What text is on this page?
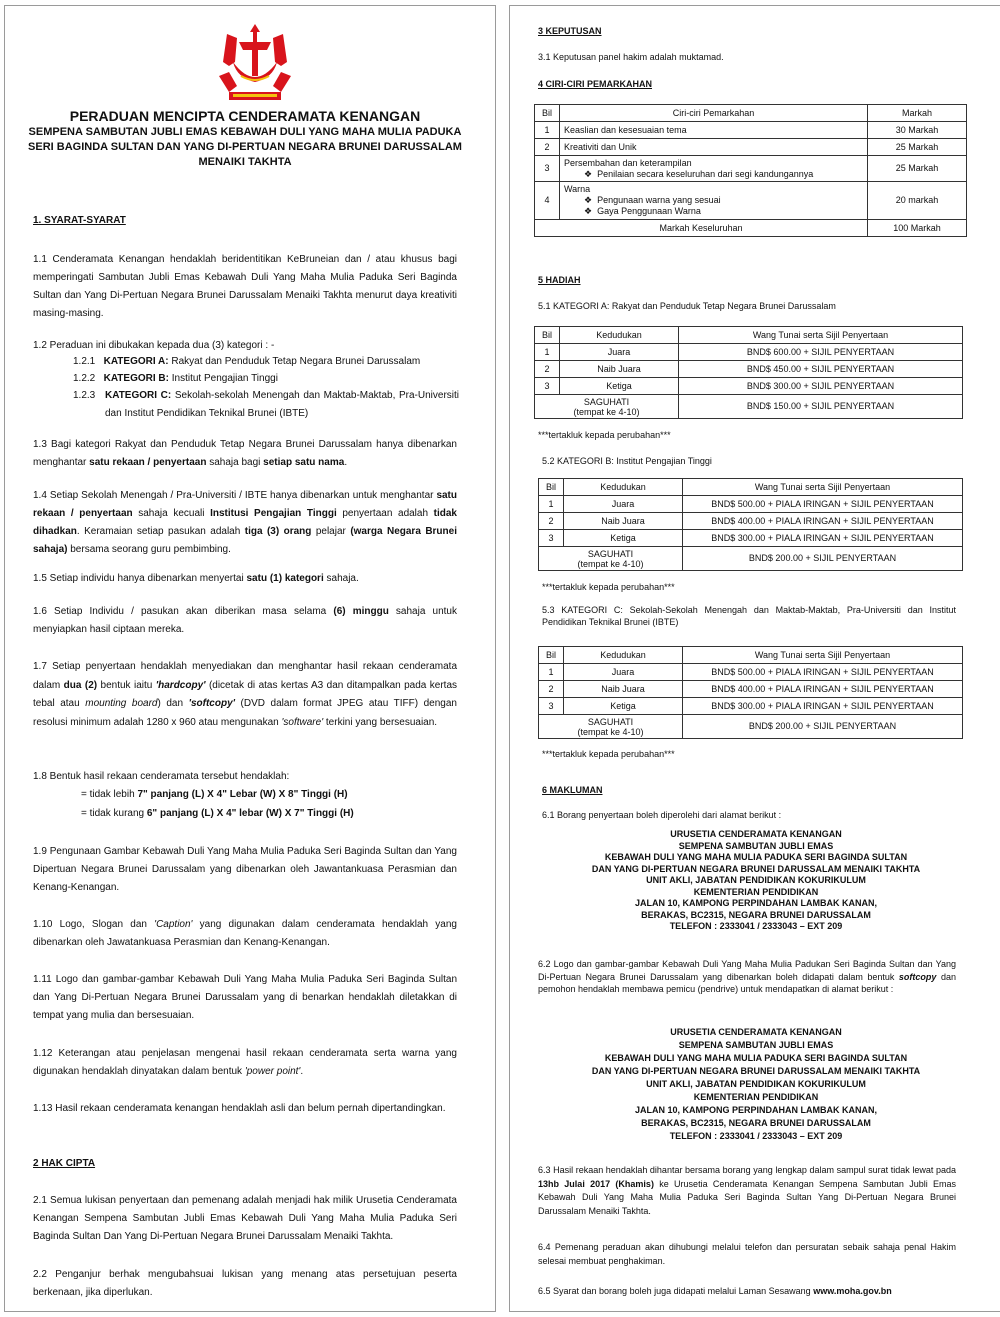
PERADUAN MENCIPTA CENDERAMATA KENANGAN
SEMPENA SAMBUTAN JUBLI EMAS KEBAWAH DULI YANG MAHA MULIA PADUKA
SERI BAGINDA SULTAN DAN YANG DI-PERTUAN NEGARA BRUNEI DARUSSALAM
MENAIKI TAKHTA
1. SYARAT-SYARAT
1.1 Cenderamata Kenangan hendaklah beridentitikan KeBruneian dan / atau khusus bagi memperingati Sambutan Jubli Emas Kebawah Duli Yang Maha Mulia Paduka Seri Baginda Sultan dan Yang Di-Pertuan Negara Brunei Darussalam Menaiki Takhta menurut daya kreativiti masing-masing.
1.2 Peraduan ini dibukakan kepada dua (3) kategori : -
1.2.1 KATEGORI A: Rakyat dan Penduduk Tetap Negara Brunei Darussalam
1.2.2 KATEGORI B: Institut Pengajian Tinggi
1.2.3 KATEGORI C: Sekolah-sekolah Menengah dan Maktab-Maktab, Pra-Universiti dan Institut Pendidikan Teknikal Brunei (IBTE)
1.3 Bagi kategori Rakyat dan Penduduk Tetap Negara Brunei Darussalam hanya dibenarkan menghantar satu rekaan / penyertaan sahaja bagi setiap satu nama.
1.4 Setiap Sekolah Menengah / Pra-Universiti / IBTE hanya dibenarkan untuk menghantar satu rekaan / penyertaan sahaja kecuali Institusi Pengajian Tinggi penyertaan adalah tidak dihadkan. Keramaian setiap pasukan adalah tiga (3) orang pelajar (warga Negara Brunei sahaja) bersama seorang guru pembimbing.
1.5 Setiap individu hanya dibenarkan menyertai satu (1) kategori sahaja.
1.6 Setiap Individu / pasukan akan diberikan masa selama (6) minggu sahaja untuk menyiapkan hasil ciptaan mereka.
1.7 Setiap penyertaan hendaklah menyediakan dan menghantar hasil rekaan cenderamata dalam dua (2) bentuk iaitu 'hardcopy' (dicetak di atas kertas A3 dan ditampalkan pada kertas tebal atau mounting board) dan 'softcopy' (DVD dalam format JPEG atau TIFF) dengan resolusi minimum adalah 1280 x 960 atau mengunakan 'software' terkini yang bersesuaian.
1.8 Bentuk hasil rekaan cenderamata tersebut hendaklah:
= tidak lebih 7" panjang (L) X 4" Lebar (W) X 8" Tinggi (H)
= tidak kurang 6" panjang (L) X 4" lebar (W) X 7" Tinggi (H)
1.9 Pengunaan Gambar Kebawah Duli Yang Maha Mulia Paduka Seri Baginda Sultan dan Yang Dipertuan Negara Brunei Darussalam yang dibenarkan oleh Jawantankuasa Perasmian dan Kenang-Kenangan.
1.10 Logo, Slogan dan 'Caption' yang digunakan dalam cenderamata hendaklah yang dibenarkan oleh Jawatankuasa Perasmian dan Kenang-Kenangan.
1.11 Logo dan gambar-gambar Kebawah Duli Yang Maha Mulia Paduka Seri Baginda Sultan dan Yang Di-Pertuan Negara Brunei Darussalam yang di benarkan hendaklah diletakkan di tempat yang mulia dan bersesuaian.
1.12 Keterangan atau penjelasan mengenai hasil rekaan cenderamata serta warna yang digunakan hendaklah dinyatakan dalam bentuk 'power point'.
1.13 Hasil rekaan cenderamata kenangan hendaklah asli dan belum pernah dipertandingkan.
2 HAK CIPTA
2.1 Semua lukisan penyertaan dan pemenang adalah menjadi hak milik Urusetia Cenderamata Kenangan Sempena Sambutan Jubli Emas Kebawah Duli Yang Maha Mulia Paduka Seri Baginda Sultan Dan Yang Di-Pertuan Negara Brunei Darussalam Menaiki Takhta.
2.2 Penganjur berhak mengubahsuai lukisan yang menang atas persetujuan peserta berkenaan, jika diperlukan.
3 KEPUTUSAN
3.1 Keputusan panel hakim adalah muktamad.
4 CIRI-CIRI PEMARKAHAN
Bil	Ciri-ciri Pemarkahan	Markah
1	Keaslian dan kesesuaian tema	30 Markah
2	Kreativiti dan Unik	25 Markah
3	Persembahan dan keterampilan
❖ Penilaian secara keseluruhan dari segi kandungannya	25 Markah
4	Warna
❖ Pengunaan warna yang sesuai
❖ Gaya Penggunaan Warna	20 markah
Markah Keseluruhan		100 Markah
5 HADIAH
5.1 KATEGORI A: Rakyat dan Penduduk Tetap Negara Brunei Darussalam
Bil	Kedudukan	Wang Tunai serta Sijil Penyertaan
1	Juara	BND$ 600.00 + SIJIL PENYERTAAN
2	Naib Juara	BND$ 450.00 + SIJIL PENYERTAAN
3	Ketiga	BND$ 300.00 + SIJIL PENYERTAAN

SAGUHATI
(tempat ke 4-10)		BND$ 150.00 + SIJIL PENYERTAAN
***tertakluk kepada perubahan***
5.2 KATEGORI B: Institut Pengajian Tinggi
Bil	Kedudukan	Wang Tunai serta Sijil Penyertaan
1	Juara	BND$ 500.00 + PIALA IRINGAN + SIJIL PENYERTAAN
2	Naib Juara	BND$ 400.00 + PIALA IRINGAN + SIJIL PENYERTAAN
3	Ketiga	BND$ 300.00 + PIALA IRINGAN + SIJIL PENYERTAAN

SAGUHATI
(tempat ke 4-10)		BND$ 200.00 + SIJIL PENYERTAAN
***tertakluk kepada perubahan***
5.3 KATEGORI C: Sekolah-Sekolah Menengah dan Maktab-Maktab, Pra-Universiti dan Institut Pendidikan Teknikal Brunei (IBTE)
Bil	Kedudukan	Wang Tunai serta Sijil Penyertaan
1	Juara	BND$ 500.00 + PIALA IRINGAN + SIJIL PENYERTAAN
2	Naib Juara	BND$ 400.00 + PIALA IRINGAN + SIJIL PENYERTAAN
3	Ketiga	BND$ 300.00 + PIALA IRINGAN + SIJIL PENYERTAAN

SAGUHATI
(tempat ke 4-10)		BND$ 200.00 + SIJIL PENYERTAAN
***tertakluk kepada perubahan***
6 MAKLUMAN
6.1 Borang penyertaan boleh diperolehi dari alamat berikut :
URUSETIA CENDERAMATA KENANGAN
SEMPENA SAMBUTAN JUBLI EMAS
KEBAWAH DULI YANG MAHA MULIA PADUKA SERI BAGINDA SULTAN
DAN YANG DI-PERTUAN NEGARA BRUNEI DARUSSALAM MENAIKI TAKHTA
UNIT AKLI, JABATAN PENDIDIKAN KOKURIKULUM
KEMENTERIAN PENDIDIKAN
JALAN 10, KAMPONG PERPINDAHAN LAMBAK KANAN,
BERAKAS, BC2315, NEGARA BRUNEI DARUSSALAM
TELEFON : 2333041 / 2333043 – EXT 209
6.2 Logo dan gambar-gambar Kebawah Duli Yang Maha Mulia Padukan Seri Baginda Sultan dan Yang Di-Pertuan Negara Brunei Darussalam yang dibenarkan boleh didapati dalam bentuk softcopy dan pemohon hendaklah membawa pemicu (pendrive) untuk mendapatkan di alamat berikut :
URUSETIA CENDERAMATA KENANGAN
SEMPENA SAMBUTAN JUBLI EMAS
KEBAWAH DULI YANG MAHA MULIA PADUKA SERI BAGINDA SULTAN
DAN YANG DI-PERTUAN NEGARA BRUNEI DARUSSALAM MENAIKI TAKHTA
UNIT AKLI, JABATAN PENDIDIKAN KOKURIKULUM
KEMENTERIAN PENDIDIKAN
JALAN 10, KAMPONG PERPINDAHAN LAMBAK KANAN,
BERAKAS, BC2315, NEGARA BRUNEI DARUSSALAM
TELEFON : 2333041 / 2333043 – EXT 209
6.3 Hasil rekaan hendaklah dihantar bersama borang yang lengkap dalam sampul surat tidak lewat pada 13hb Julai 2017 (Khamis) ke Urusetia Cenderamata Kenangan Sempena Sambutan Jubli Emas Kebawah Duli Yang Maha Mulia Paduka Seri Baginda Sultan Yang Di-Pertuan Negara Brunei Darussalam Menaiki Takhta.
6.4 Pemenang peraduan akan dihubungi melalui telefon dan persuratan sebaik sahaja penal Hakim selesai membuat penghakiman.
6.5 Syarat dan borang boleh juga didapati melalui Laman Sesawang www.moha.gov.bn
